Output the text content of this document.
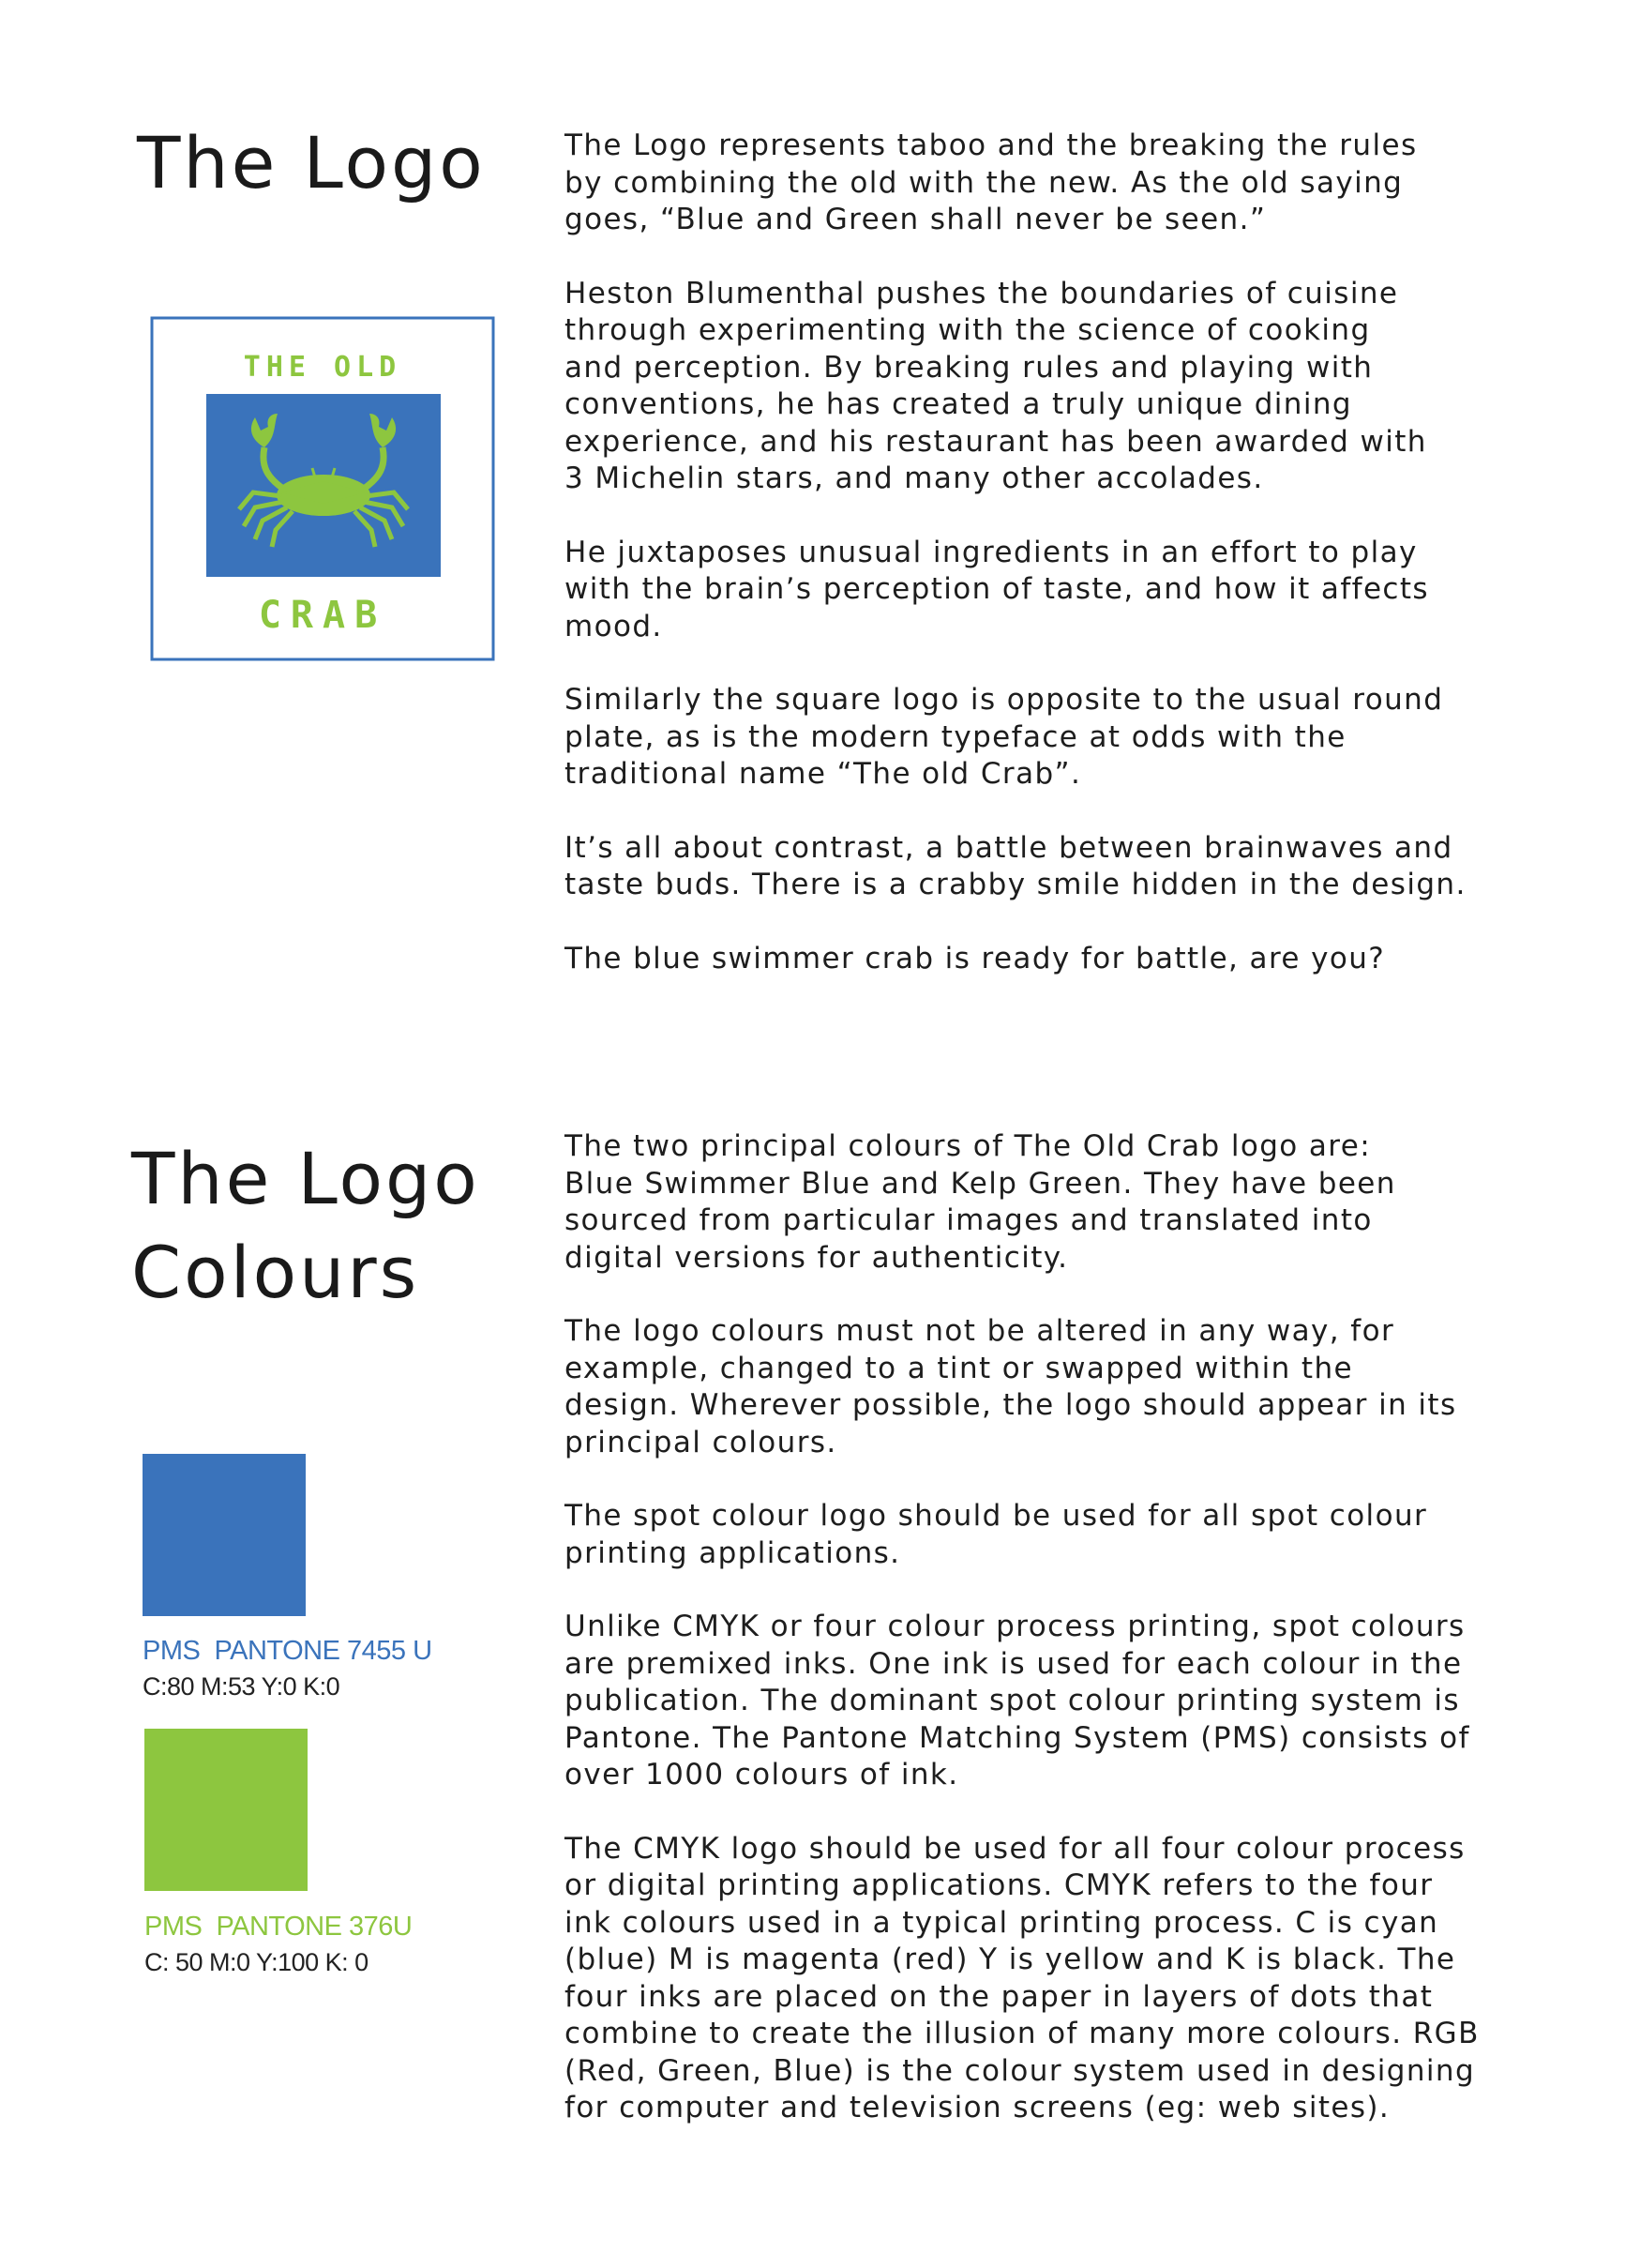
The Logo	The Logo represents taboo and the breaking the rules
by combining the old with the new. As the old saying
goes, “Blue and Green shall never be seen.”

Heston Blumenthal pushes the boundaries of cuisine
through experimenting with the science of cooking
and perception. By breaking rules and playing with
conventions, he has created a truly unique dining
experience, and his restaurant has been awarded with
3 Michelin stars, and many other accolades.

He juxtaposes unusual ingredients in an effort to play
with the brain’s perception of taste, and how it affects
mood.

Similarly the square logo is opposite to the usual round
plate, as is the modern typeface at odds with the
traditional name “The old Crab”.

It’s all about contrast, a battle between brainwaves and
taste buds. There is a crabby smile hidden in the design.

The blue swimmer crab is ready for battle, are you?

THE OLD
CRAB
The Logo
Colours

The two principal colours of The Old Crab logo are:
Blue Swimmer Blue and Kelp Green. They have been
sourced from particular images and translated into
digital versions for authenticity.

The logo colours must not be altered in any way, for
example, changed to a tint or swapped within the
design. Wherever possible, the logo should appear in its
principal colours.

The spot colour logo should be used for all spot colour
printing applications.

Unlike CMYK or four colour process printing, spot colours
are premixed inks. One ink is used for each colour in the
publication. The dominant spot colour printing system is
Pantone. The Pantone Matching System (PMS) consists of
over 1000 colours of ink.

The CMYK logo should be used for all four colour process
or digital printing applications. CMYK refers to the four
ink colours used in a typical printing process. C is cyan
(blue) M is magenta (red) Y is yellow and K is black. The
four inks are placed on the paper in layers of dots that
combine to create the illusion of many more colours. RGB
(Red, Green, Blue) is the colour system used in designing
for computer and television screens (eg: web sites).

PMS  PANTONE 7455 U
C:80 M:53 Y:0 K:0
PMS  PANTONE 376U
C: 50 M:0 Y:100 K: 0
